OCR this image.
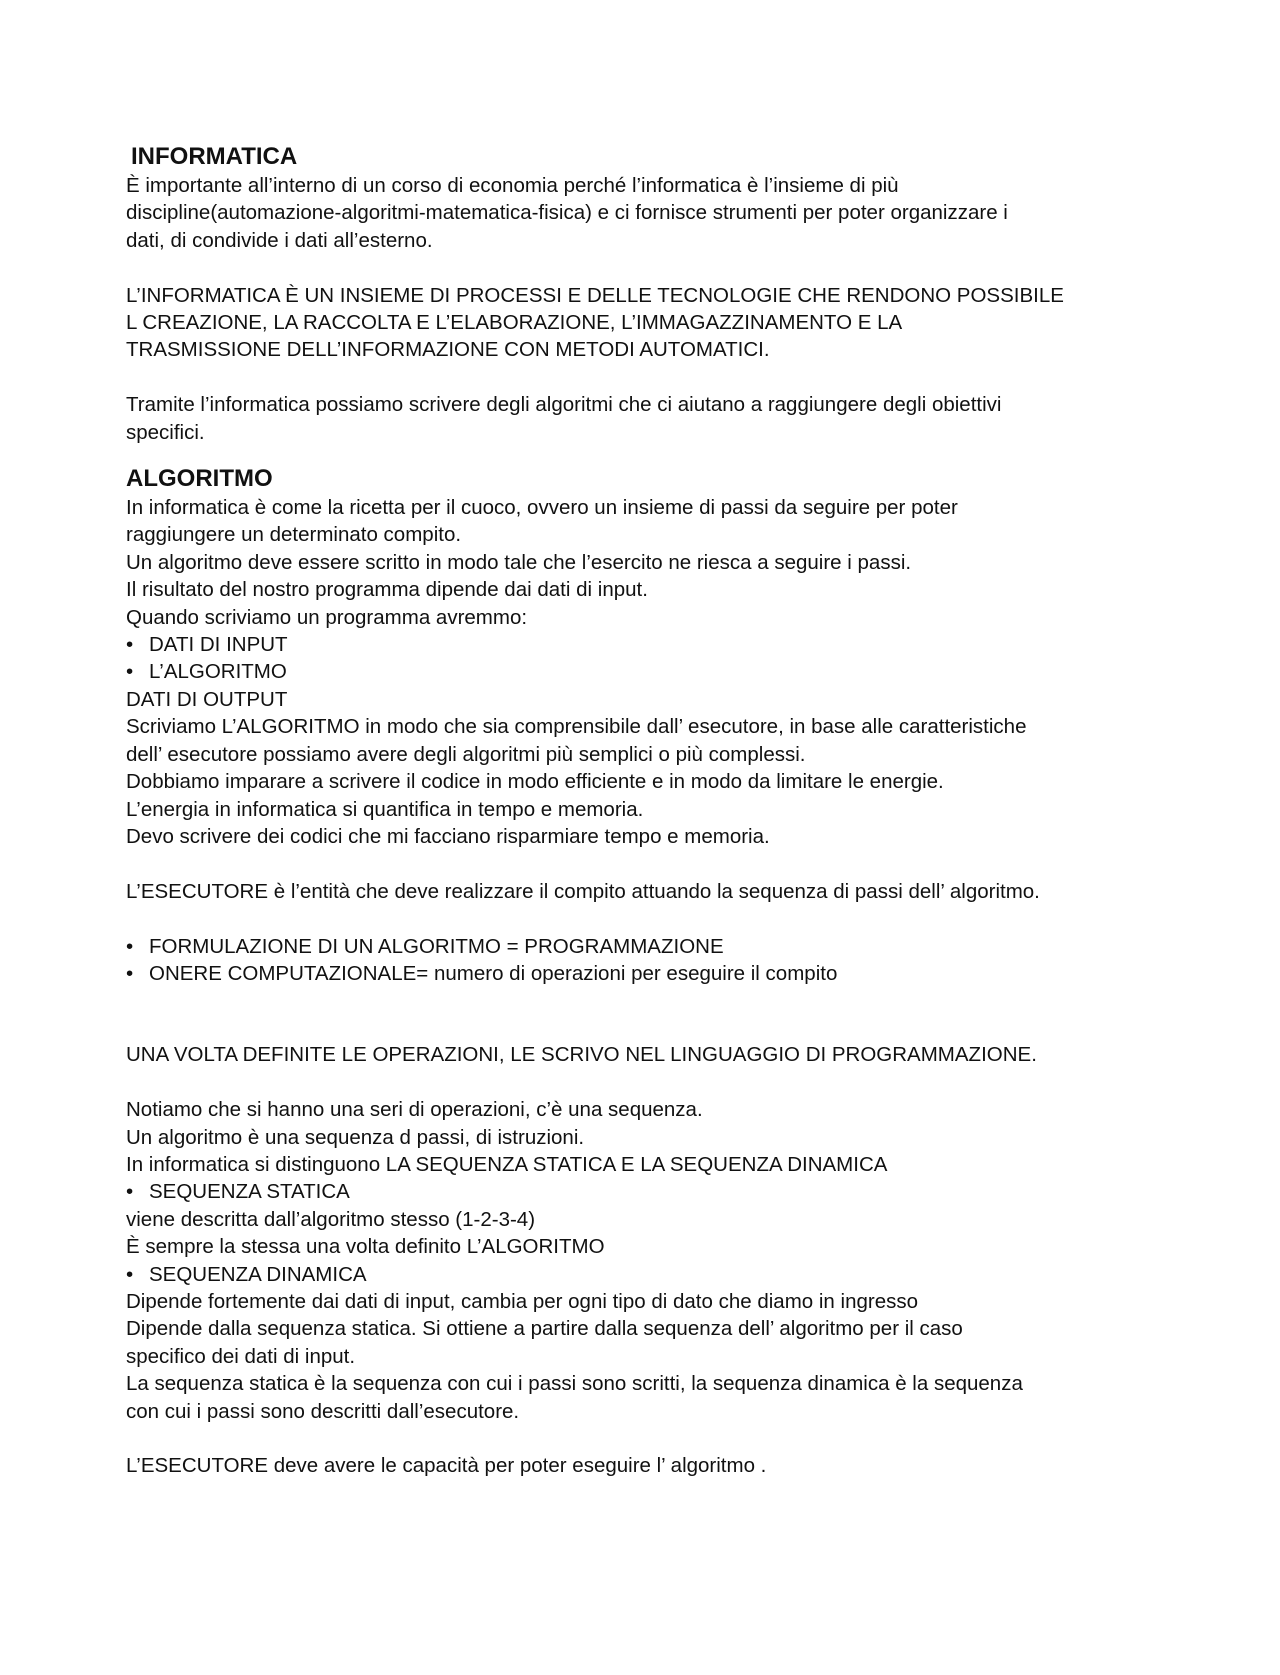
INFORMATICA

È importante all’interno di un corso di economia perché l’informatica è l’insieme di più

discipline(automazione-algoritmi-matematica-fisica) e ci fornisce strumenti per poter organizzare i

dati, di condivide i dati all’esterno.

L’INFORMATICA È UN INSIEME DI PROCESSI E DELLE TECNOLOGIE CHE RENDONO POSSIBILE

L CREAZIONE, LA RACCOLTA E L’ELABORAZIONE, L’IMMAGAZZINAMENTO E LA

TRASMISSIONE DELL’INFORMAZIONE CON METODI AUTOMATICI.

Tramite l’informatica possiamo scrivere degli algoritmi che ci aiutano a raggiungere degli obiettivi

specifici.

ALGORITMO

In informatica è come la ricetta per il cuoco, ovvero un insieme di passi da seguire per poter

raggiungere un determinato compito.

Un algoritmo deve essere scritto in modo tale che l’esercito ne riesca a seguire i passi.

Il risultato del nostro programma dipende dai dati di input.

Quando scriviamo un programma avremmo:

• DATI DI INPUT

• L’ALGORITMO

DATI DI OUTPUT

Scriviamo L’ALGORITMO in modo che sia comprensibile dall’ esecutore, in base alle caratteristiche

dell’ esecutore possiamo avere degli algoritmi più semplici o più complessi.

Dobbiamo imparare a scrivere il codice in modo efficiente e in modo da limitare le energie.

L’energia in informatica si quantifica in tempo e memoria.

Devo scrivere dei codici che mi facciano risparmiare tempo e memoria.

L’ESECUTORE è l’entità che deve realizzare il compito attuando la sequenza di passi dell’ algoritmo.

• FORMULAZIONE DI UN ALGORITMO = PROGRAMMAZIONE

• ONERE COMPUTAZIONALE= numero di operazioni per eseguire il compito

UNA VOLTA DEFINITE LE OPERAZIONI, LE SCRIVO NEL LINGUAGGIO DI PROGRAMMAZIONE.

Notiamo che si hanno una seri di operazioni, c’è una sequenza.

Un algoritmo è una sequenza d passi, di istruzioni.

In informatica si distinguono LA SEQUENZA STATICA E LA SEQUENZA DINAMICA

• SEQUENZA STATICA

viene descritta dall’algoritmo stesso (1-2-3-4)

È sempre la stessa una volta definito L’ALGORITMO

• SEQUENZA DINAMICA

Dipende fortemente dai dati di input, cambia per ogni tipo di dato che diamo in ingresso

Dipende dalla sequenza statica. Si ottiene a partire dalla sequenza dell’ algoritmo per il caso

specifico dei dati di input.

La sequenza statica è la sequenza con cui i passi sono scritti, la sequenza dinamica è la sequenza

con cui i passi sono descritti dall’esecutore.

L’ESECUTORE deve avere le capacità per poter eseguire l’ algoritmo .
